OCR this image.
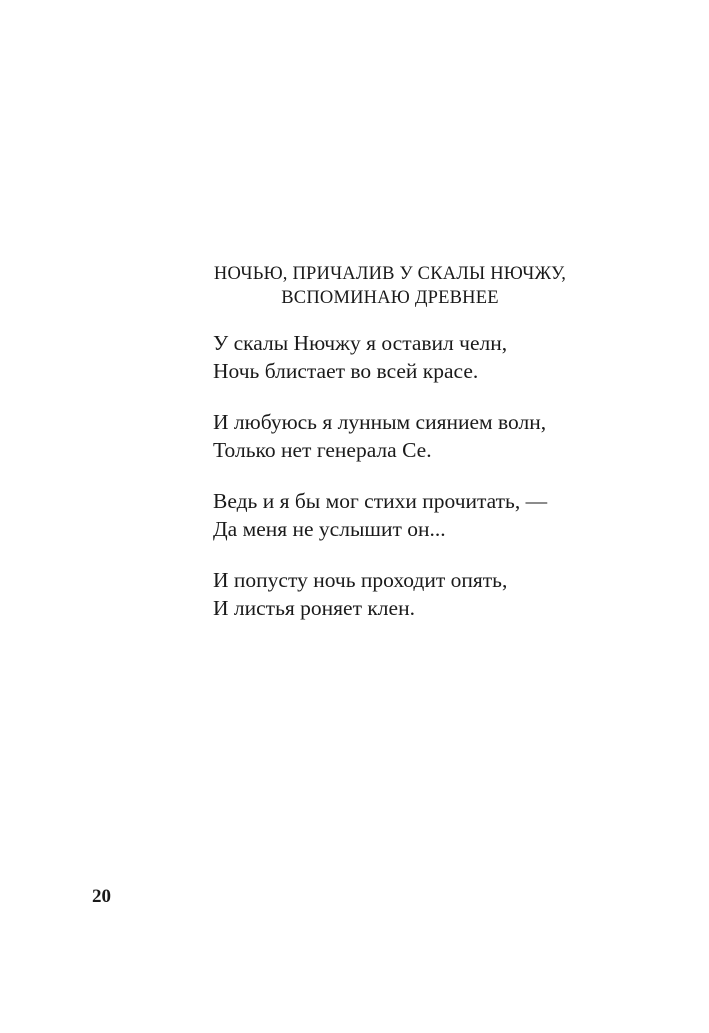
НОЧЬЮ, ПРИЧАЛИВ У СКАЛЫ НЮЧЖУ,
ВСПОМИНАЮ ДРЕВНЕЕ
У скалы Нючжу я оставил челн,
Ночь блистает во всей красе.
И любуюсь я лунным сиянием волн,
Только нет генерала Се.
Ведь и я бы мог стихи прочитать, —
Да меня не услышит он...
И попусту ночь проходит опять,
И листья роняет клен.
20
